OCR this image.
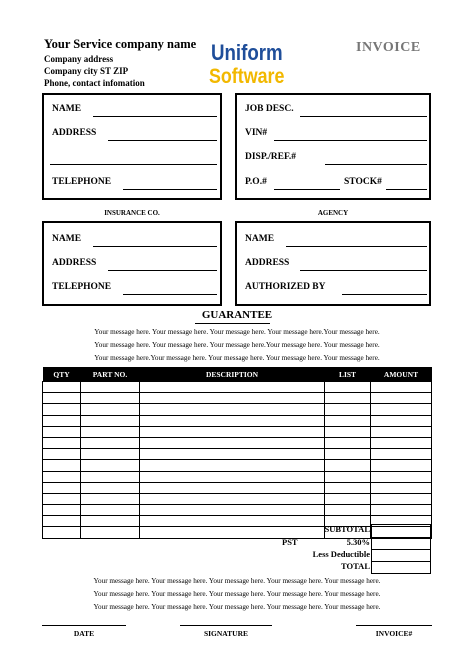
Your Service company name
Company address
Company city ST ZIP
Phone, contact infomation
Uniform
Software
INVOICE
NAME
ADDRESS
TELEPHONE
JOB DESC.
VIN#
DISP./REF.#
P.O.#	STOCK#
INSURANCE CO.	AGENCY
NAME
ADDRESS
TELEPHONE
NAME
ADDRESS
AUTHORIZED BY
GUARANTEE
Your message here. Your message here. Your message here. Your message here.Your message here.
Your message here. Your message here. Your message here.Your message here. Your message here.
Your message here.Your message here. Your message here. Your message here. Your message here.
QTY	PART NO.	DESCRIPTION	LIST	AMOUNT

SUBTOTAL
PST	5.30%
Less Deductible
TOTAL
Your message here. Your message here. Your message here. Your message here. Your message here.
Your message here. Your message here. Your message here. Your message here. Your message here.
Your message here. Your message here. Your message here. Your message here. Your message here.
DATE	SIGNATURE	INVOICE#
